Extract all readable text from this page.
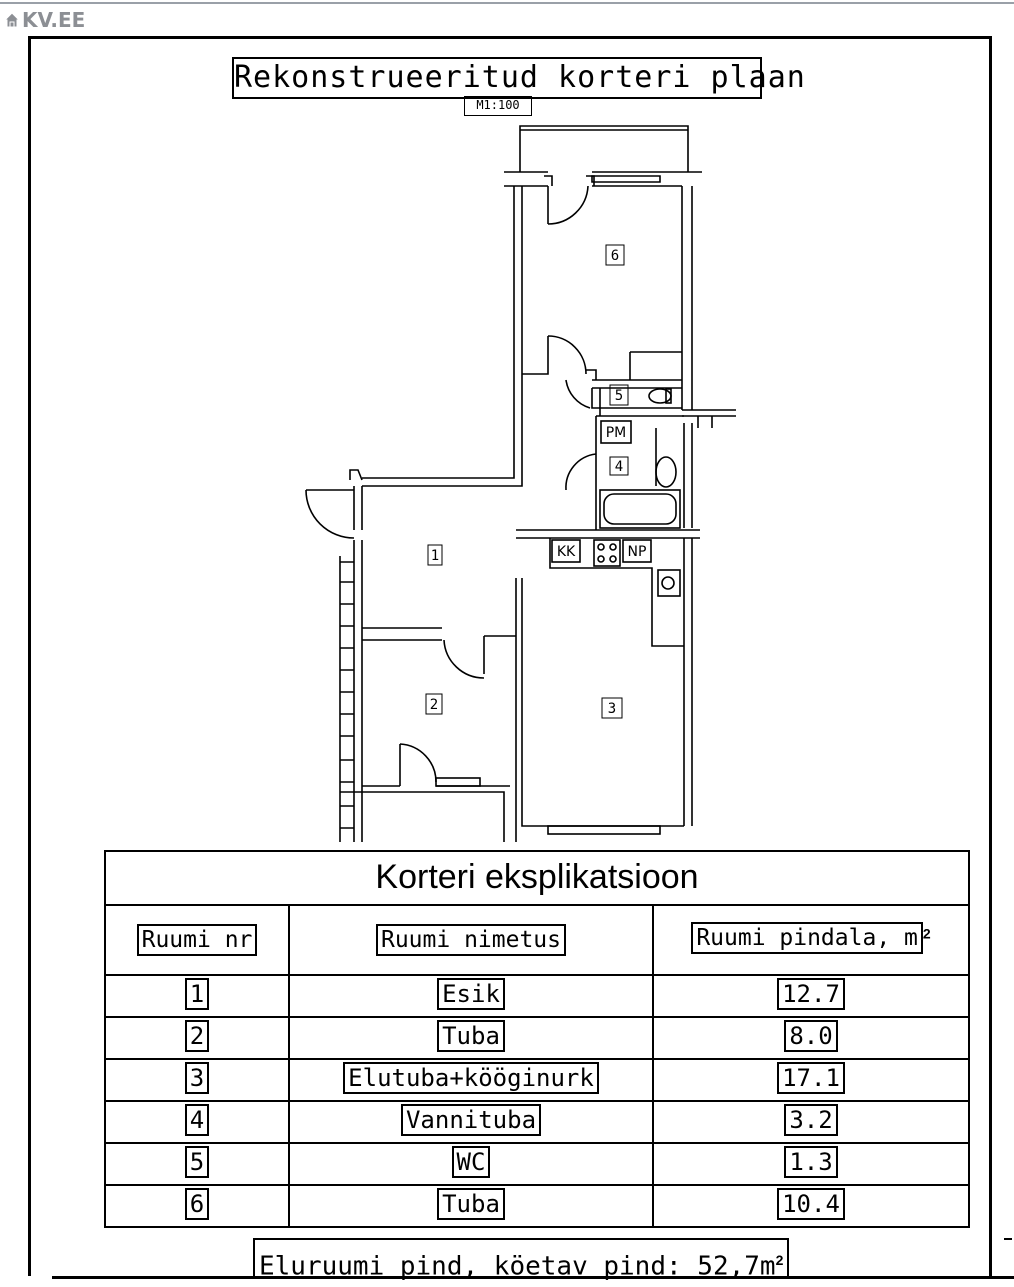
KV.EE
Rekonstrueeritud korteri plaan
M1:100
1
2	3
4
5
6
PM
KK	NP
Korteri eksplikatsioon
Ruumi nr	Ruumi nimetus	Ruumi pindala, m $^2$
1	Esik	12.7
2	Tuba	8.0
3	Elutuba+kööginurk	17.1
4	Vannituba	3.2
5	WC	1.3
6	Tuba	10.4
Eluruumi pind, köetav pind: $52,7m^2$
